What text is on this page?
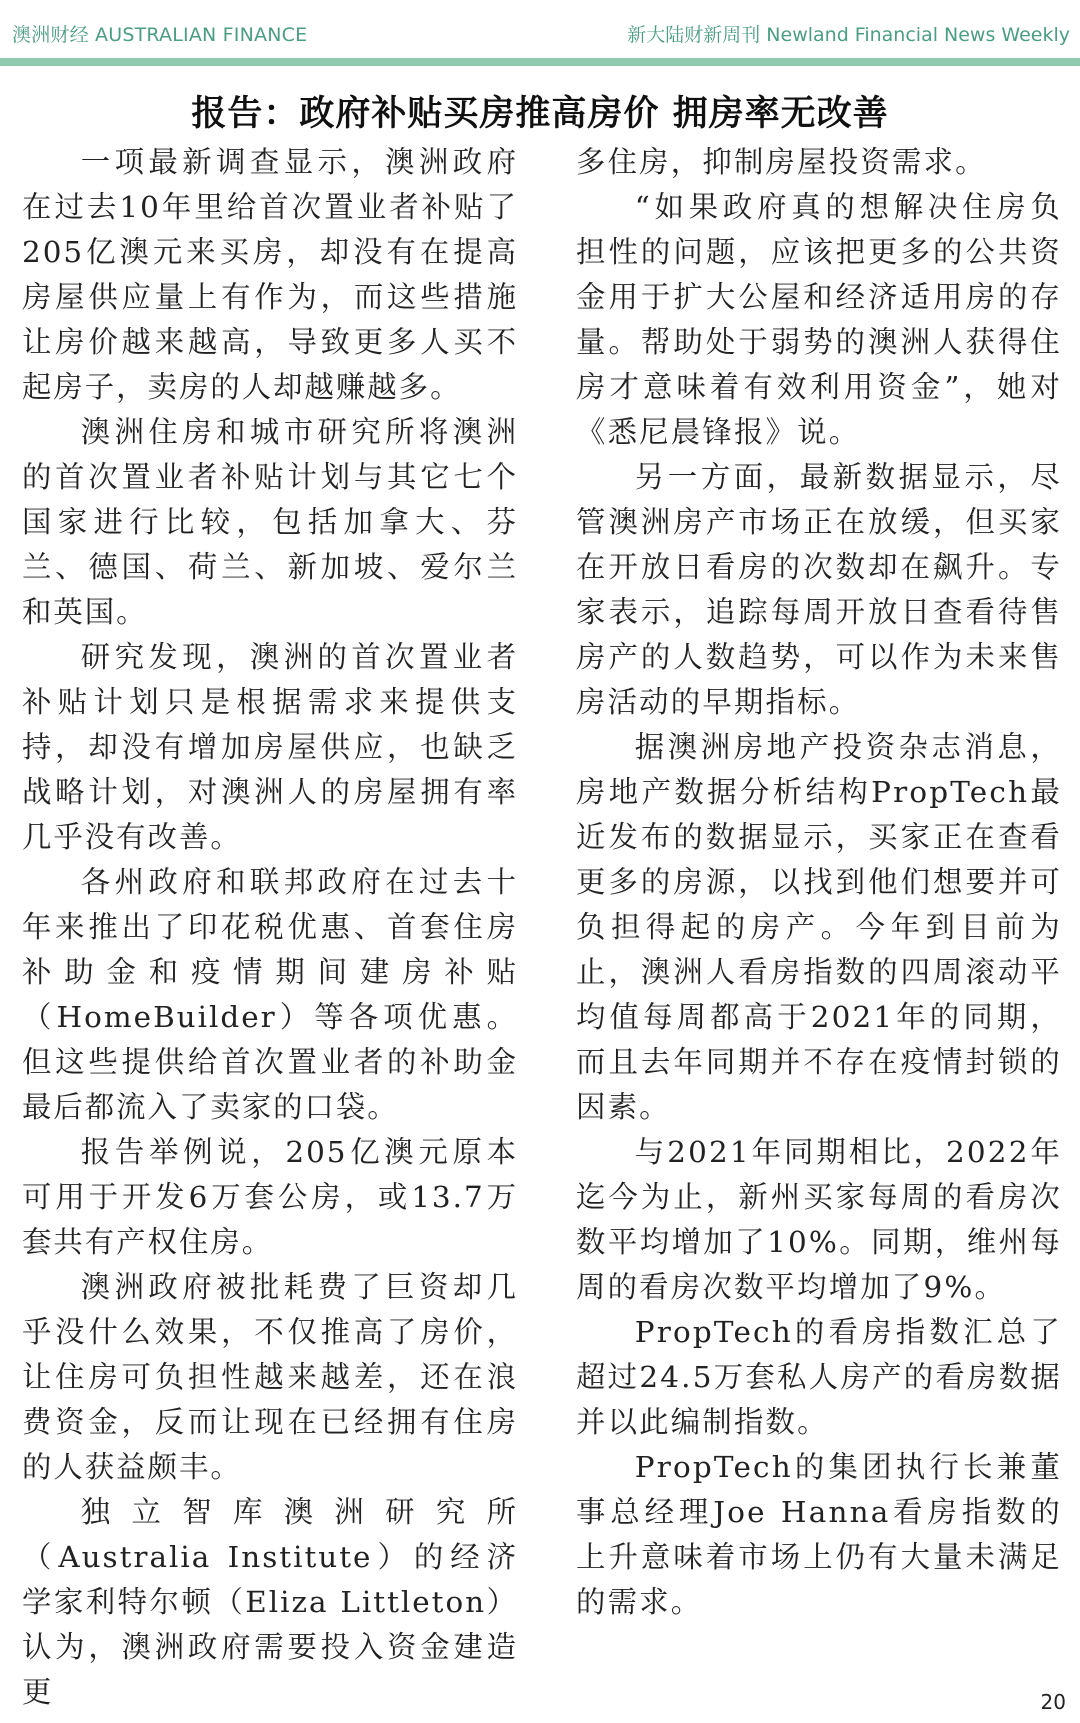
澳洲财经 AUSTRALIAN FINANCE	新大陆财新周刊 Newland Financial News Weekly
报告：政府补贴买房推高房价 拥房率无改善

一项最新调查显示，澳洲政府在过去10年里给首次置业者补贴了205亿澳元来买房，却没有在提高房屋供应量上有作为，而这些措施让房价越来越高，导致更多人买不起房子，卖房的人却越赚越多。

澳洲住房和城市研究所将澳洲的首次置业者补贴计划与其它七个国家进行比较，包括加拿大、芬兰、德国、荷兰、新加坡、爱尔兰和英国。

研究发现，澳洲的首次置业者补贴计划只是根据需求来提供支持，却没有增加房屋供应，也缺乏战略计划，对澳洲人的房屋拥有率几乎没有改善。

各州政府和联邦政府在过去十年来推出了印花税优惠、首套住房补助金和疫情期间建房补贴（HomeBuilder）等各项优惠。但这些提供给首次置业者的补助金最后都流入了卖家的口袋。

报告举例说，205亿澳元原本可用于开发6万套公房，或13.7万套共有产权住房。

澳洲政府被批耗费了巨资却几乎没什么效果，不仅推高了房价，让住房可负担性越来越差，还在浪费资金，反而让现在已经拥有住房的人获益颇丰。

独立智库澳洲研究所（Australia Institute）的经济学家利特尔顿（Eliza Littleton）认为，澳洲政府需要投入资金建造更

多住房，抑制房屋投资需求。

“如果政府真的想解决住房负担性的问题，应该把更多的公共资金用于扩大公屋和经济适用房的存量。帮助处于弱势的澳洲人获得住房才意味着有效利用资金”，她对《悉尼晨锋报》说。

另一方面，最新数据显示，尽管澳洲房产市场正在放缓，但买家在开放日看房的次数却在飙升。专家表示，追踪每周开放日查看待售房产的人数趋势，可以作为未来售房活动的早期指标。

据澳洲房地产投资杂志消息，房地产数据分析结构PropTech最近发布的数据显示，买家正在查看更多的房源，以找到他们想要并可负担得起的房产。今年到目前为止，澳洲人看房指数的四周滚动平均值每周都高于2021年的同期，而且去年同期并不存在疫情封锁的因素。

与2021年同期相比，2022年迄今为止，新州买家每周的看房次数平均增加了10%。同期，维州每周的看房次数平均增加了9%。

PropTech的看房指数汇总了超过24.5万套私人房产的看房数据并以此编制指数。

PropTech的集团执行长兼董事总经理Joe Hanna看房指数的上升意味着市场上仍有大量未满足的需求。

20
